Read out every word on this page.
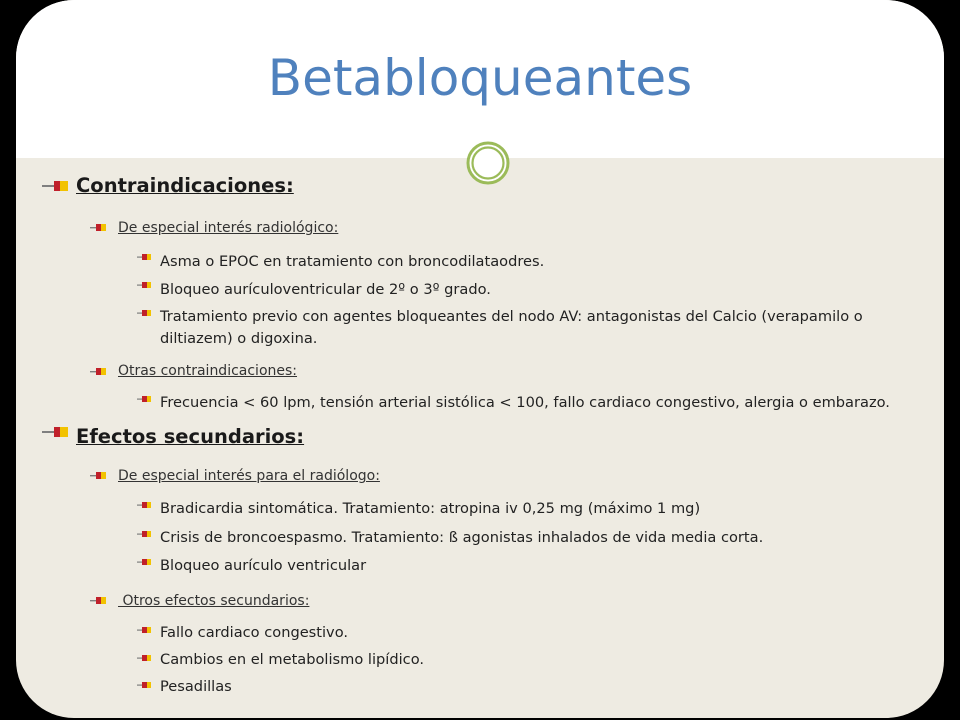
Betabloqueantes
Contraindicaciones:
De especial interés radiológico:
Asma o EPOC en tratamiento con broncodilataodres.
Bloqueo aurículoventricular de 2º o 3º grado.
Tratamiento previo con agentes bloqueantes del nodo AV: antagonistas del Calcio (verapamilo o diltiazem) o digoxina.
Otras contraindicaciones:
Frecuencia < 60 lpm, tensión arterial sistólica < 100, fallo cardiaco congestivo, alergia o embarazo.
Efectos secundarios:
De especial interés para el radiólogo:
Bradicardia sintomática. Tratamiento: atropina iv 0,25 mg (máximo 1 mg)
Crisis de broncoespasmo. Tratamiento: ß agonistas inhalados de vida media corta.
Bloqueo aurículo ventricular
Otros efectos secundarios:
Fallo cardiaco congestivo.
Cambios en el metabolismo lipídico.
Pesadillas
